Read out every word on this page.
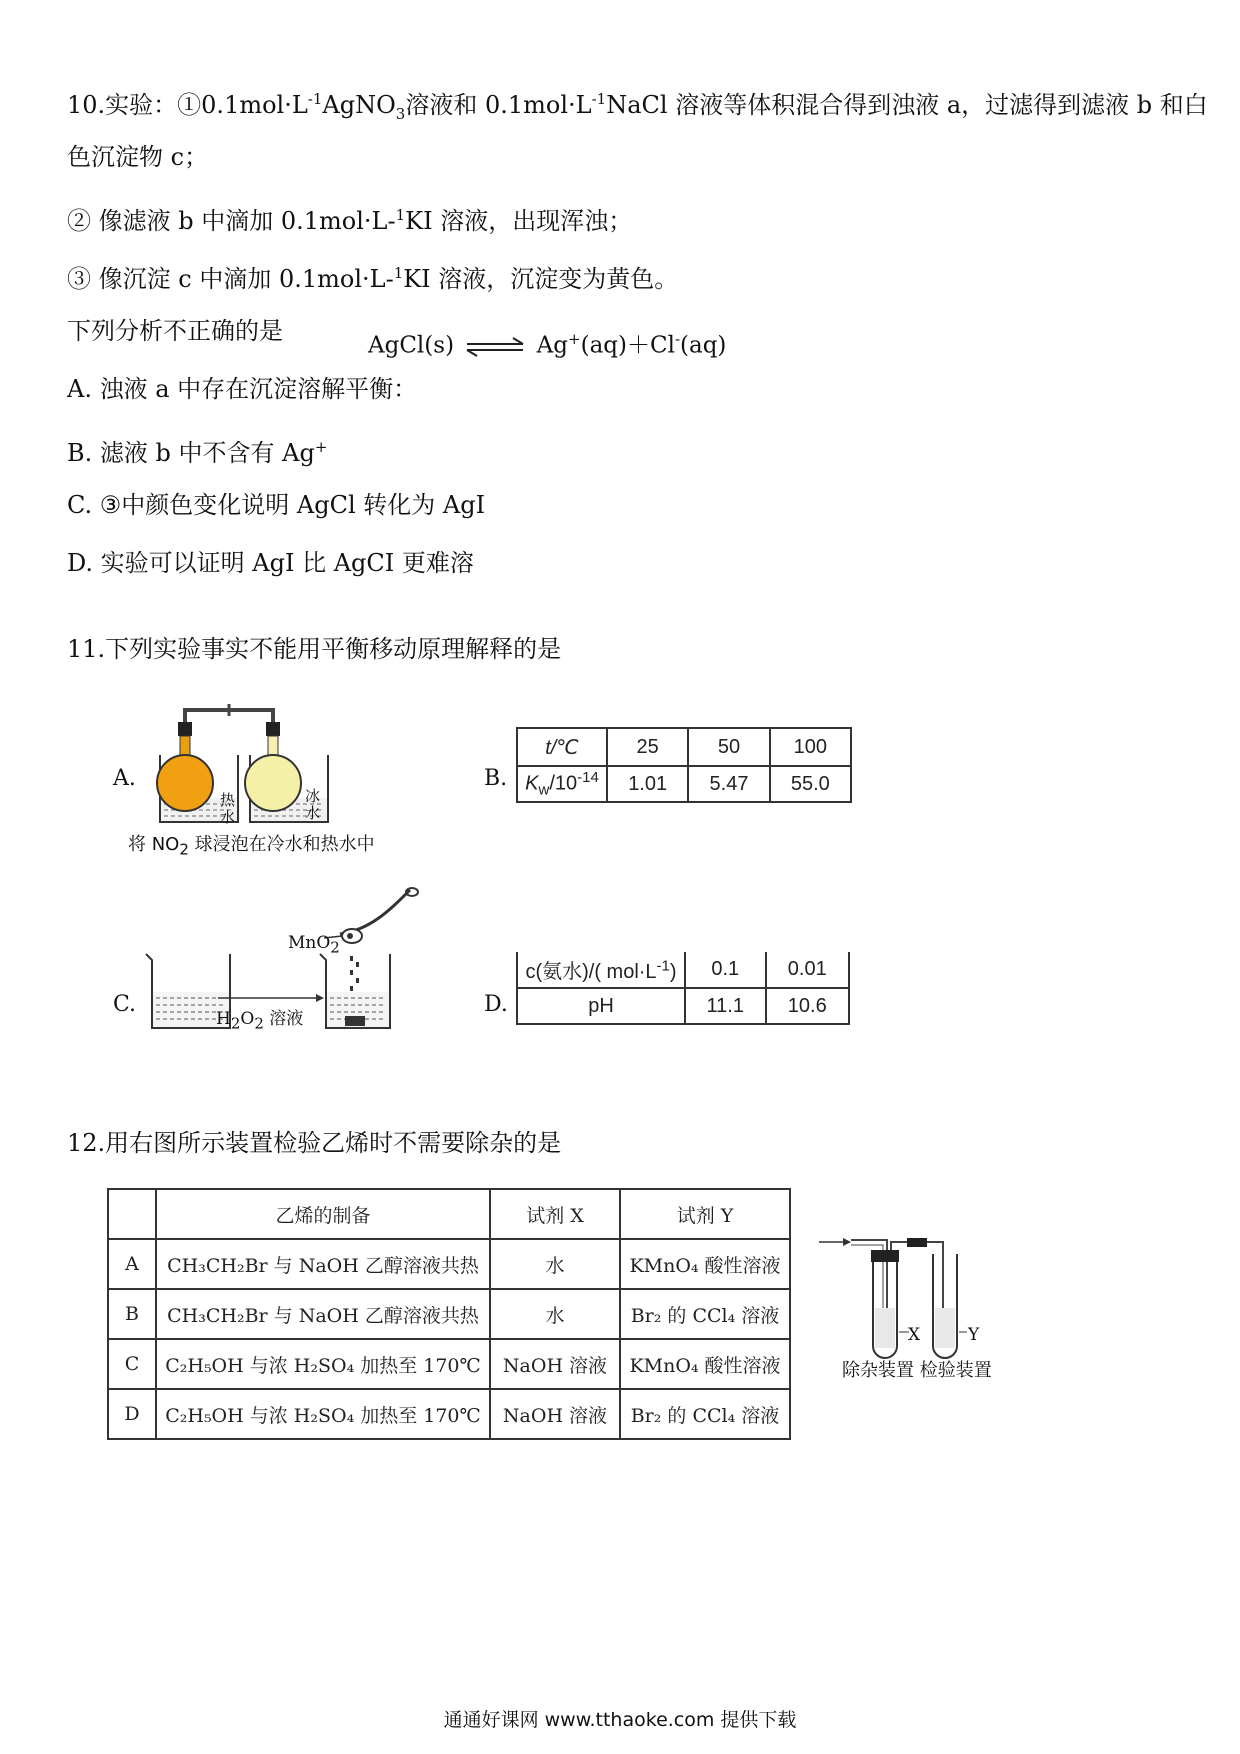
10.实验：$①0.1mol\cdot L^{-1}AgNO_3$溶液和 $0.1mol\cdot L^{-1}NaCl$ 溶液等体积混合得到浊液 a，过滤得到滤液 b 和白
色沉淀物 c；
② 像滤液 b 中滴加 0.1mol·L-$^1$KI 溶液，出现浑浊；
③ 像沉淀 c 中滴加 0.1mol·L-$^1$KI 溶液，沉淀变为黄色。
下列分析不正确的是
AgCl(s) ⇌ Ag+(aq)＋Cl-(aq)
A. 浊液 a 中存在沉淀溶解平衡：
B. 滤液 b 中不含有 Ag+
C. ③中颜色变化说明 AgCl 转化为 AgI
D. 实验可以证明 AgI 比 AgCI 更难溶
11.下列实验事实不能用平衡移动原理解释的是
A.
热水
冰水
将 $NO_2$ 球浸泡在冷水和热水中
B.
t/℃	25	50	100
$K_w/10^{-14}$	1.01	5.47	55.0
C.
MnO$_2$
$H_2O_2$ 溶液
D.
c(氨水)/( $mol\cdot L^{-1}$)	0.1	0.01
pH	11.1	10.6
12.用右图所示装置检验乙烯时不需要除杂的是
	乙烯的制备	试剂 X	试剂 Y
A	CH₃CH₂Br 与 NaOH 乙醇溶液共热	水	KMnO₄ 酸性溶液
B	CH₃CH₂Br 与 NaOH 乙醇溶液共热	水	Br₂ 的 CCl₄ 溶液
C	C₂H₅OH 与浓 H₂SO₄ 加热至 170℃	NaOH 溶液	KMnO₄ 酸性溶液
D	C₂H₅OH 与浓 H₂SO₄ 加热至 170℃	NaOH 溶液	Br₂ 的 CCl₄ 溶液
X	Y
除杂装置 检验装置
通通好课网 www.tthaoke.com 提供下载
